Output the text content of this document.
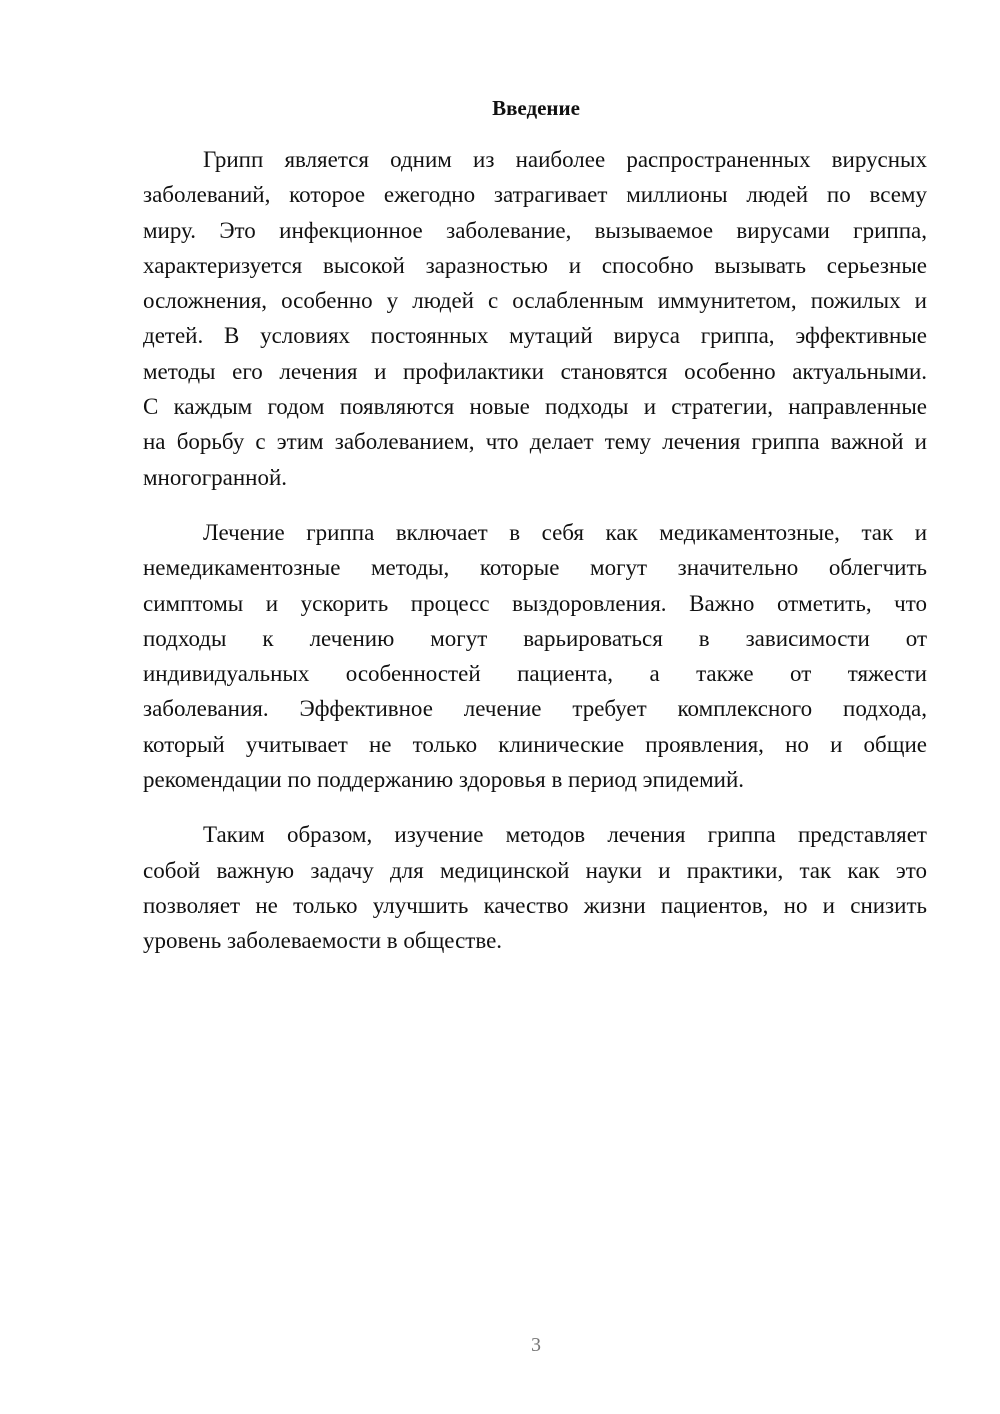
Введение
Грипп является одним из наиболее распространенных вирусных
заболеваний, которое ежегодно затрагивает миллионы людей по всему
миру. Это инфекционное заболевание, вызываемое вирусами гриппа,
характеризуется высокой заразностью и способно вызывать серьезные
осложнения, особенно у людей с ослабленным иммунитетом, пожилых и
детей. В условиях постоянных мутаций вируса гриппа, эффективные
методы его лечения и профилактики становятся особенно актуальными.
С каждым годом появляются новые подходы и стратегии, направленные
на борьбу с этим заболеванием, что делает тему лечения гриппа важной и
многогранной.
Лечение гриппа включает в себя как медикаментозные, так и
немедикаментозные методы, которые могут значительно облегчить
симптомы и ускорить процесс выздоровления. Важно отметить, что
подходы к лечению могут варьироваться в зависимости от
индивидуальных особенностей пациента, а также от тяжести
заболевания. Эффективное лечение требует комплексного подхода,
который учитывает не только клинические проявления, но и общие
рекомендации по поддержанию здоровья в период эпидемий.
Таким образом, изучение методов лечения гриппа представляет
собой важную задачу для медицинской науки и практики, так как это
позволяет не только улучшить качество жизни пациентов, но и снизить
уровень заболеваемости в обществе.
3
